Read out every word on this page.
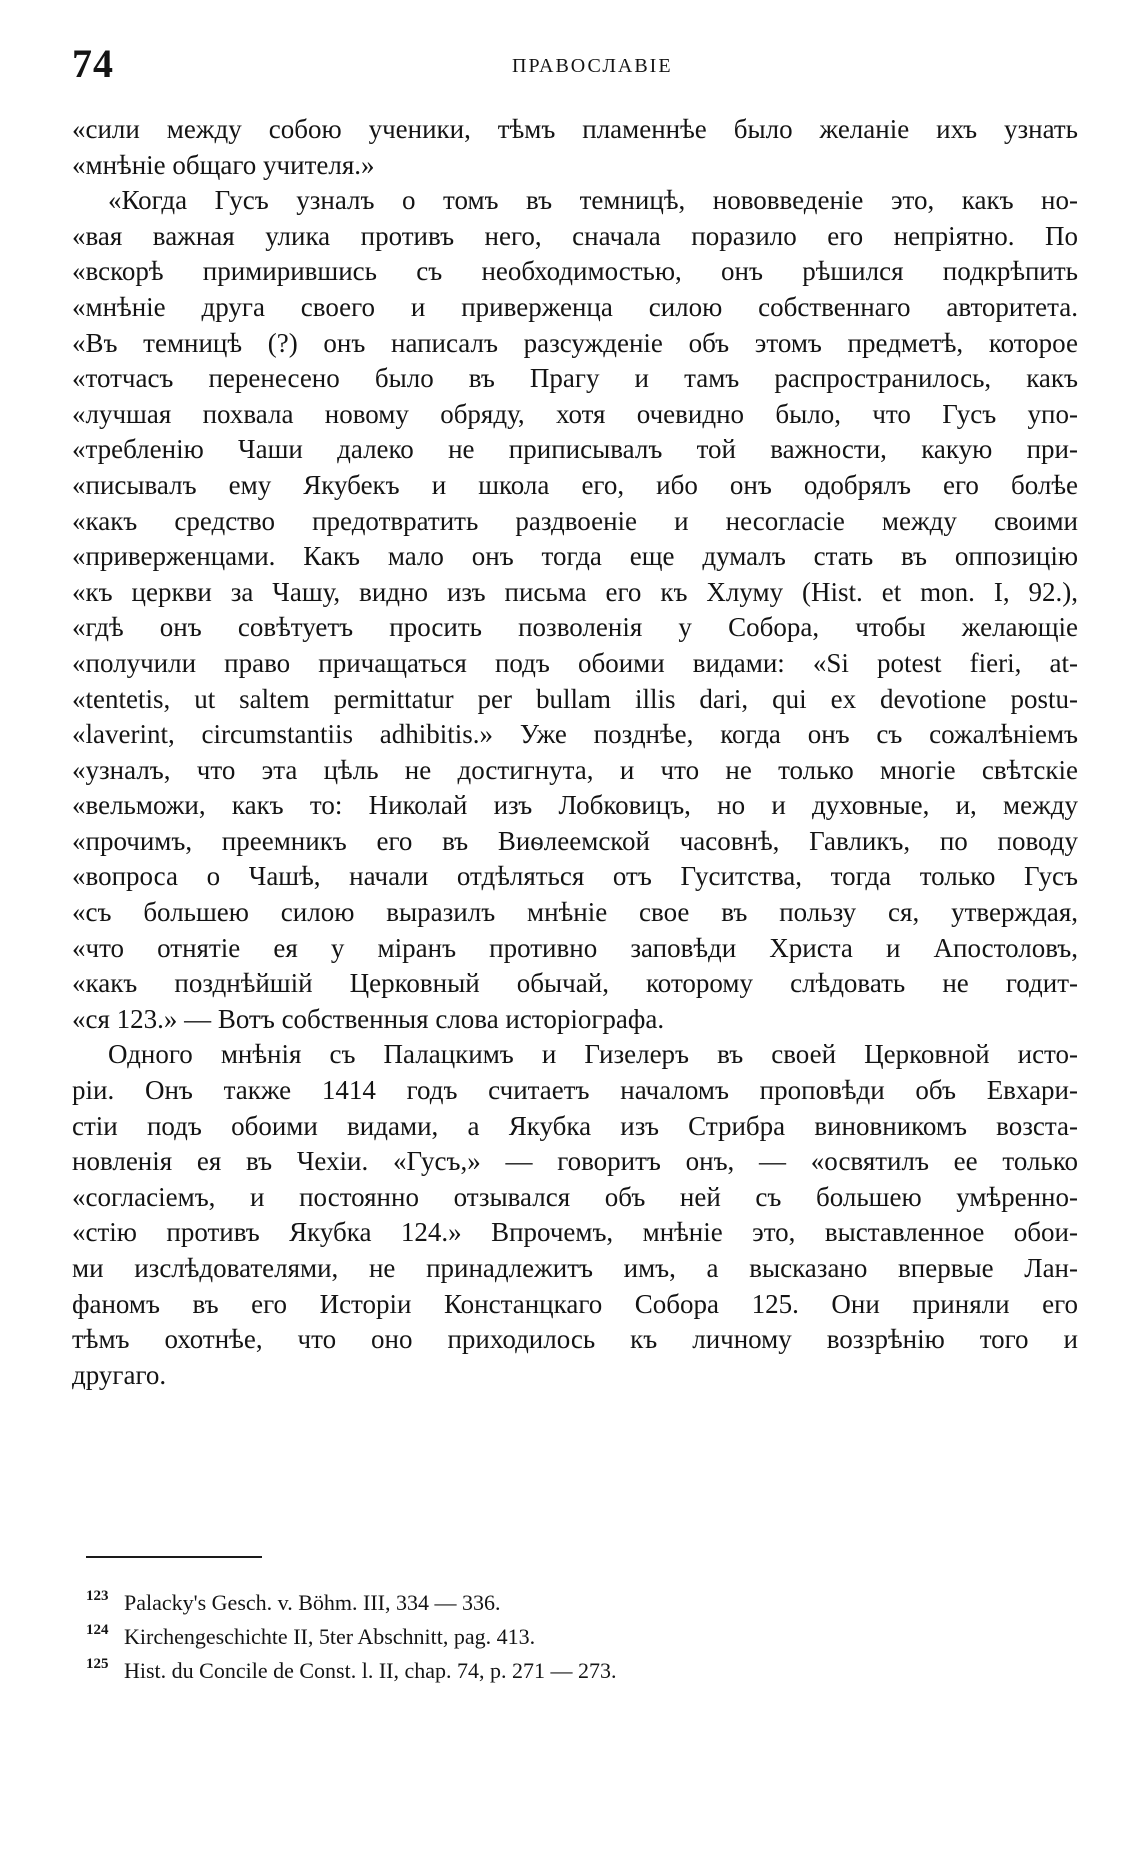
74	ПРАВОСЛАВІЕ
«сили между собою ученики, тѣмъ пламеннѣе было желаніе ихъ узнать
«мнѣніе общаго учителя.»
«Когда Гусъ узналъ о томъ въ темницѣ, нововведеніе это, какъ но-
«вая важная улика противъ него, сначала поразило его непріятно. По
«вскорѣ примирившись съ необходимостью, онъ рѣшился подкрѣпить
«мнѣніе друга своего и приверженца силою собственнаго авторитета.
«Въ темницѣ (?) онъ написалъ разсужденіе объ этомъ предметѣ, которое
«тотчасъ перенесено было въ Прагу и тамъ распространилось, какъ
«лучшая похвала новому обряду, хотя очевидно было, что Гусъ упо-
«требленію Чаши далеко не приписывалъ той важности, какую при-
«писывалъ ему Якубекъ и школа его, ибо онъ одобрялъ его болѣе
«какъ средство предотвратить раздвоеніе и несогласіе между своими
«приверженцами. Какъ мало онъ тогда еще думалъ стать въ оппозицію
«къ церкви за Чашу, видно изъ письма его къ Хлуму (Hist. et mon. I, 92.),
«гдѣ онъ совѣтуетъ просить позволенія у Собора, чтобы желающіе
«получили право причащаться подъ обоими видами: «Si potest fieri, at-
«tentetis, ut saltem permittatur per bullam illis dari, qui ex devotione postu-
«laverint, circumstantiis adhibitis.» Уже позднѣе, когда онъ съ сожалѣніемъ
«узналъ, что эта цѣль не достигнута, и что не только многіе свѣтскіе
«вельможи, какъ то: Николай изъ Лобковицъ, но и духовные, и, между
«прочимъ, преемникъ его въ Виѳлеемской часовнѣ, Гавликъ, по поводу
«вопроса о Чашѣ, начали отдѣляться отъ Гуситства, тогда только Гусъ
«съ большею силою выразилъ мнѣніе свое въ пользу ся, утверждая,
«что отнятіе ея у міранъ противно заповѣди Христа и Апостоловъ,
«какъ позднѣйшій Церковный обычай, которому слѣдовать не годит-
«ся 123.» — Вотъ собственныя слова исторіографа.
Одного мнѣнія съ Палацкимъ и Гизелеръ въ своей Церковной исто-
ріи. Онъ также 1414 годъ считаетъ началомъ проповѣди объ Евхари-
стіи подъ обоими видами, а Якубка изъ Стрибра виновникомъ возста-
новленія ея въ Чехіи. «Гусъ,» — говоритъ онъ, — «освятилъ ее только
«согласіемъ, и постоянно отзывался объ ней съ большею умѣренно-
«стію противъ Якубка 124.» Впрочемъ, мнѣніе это, выставленное обои-
ми изслѣдователями, не принадлежитъ имъ, а высказано впервые Лан-
фаномъ въ его Исторіи Констанцкаго Собора 125. Они приняли его
тѣмъ охотнѣе, что оно приходилось къ личному воззрѣнію того и
другаго.
123 Palacky's Gesch. v. Böhm. III, 334 — 336.
124 Kirchengeschichte II, 5ter Abschnitt, pag. 413.
125 Hist. du Concile de Const. l. II, chap. 74, p. 271 — 273.
